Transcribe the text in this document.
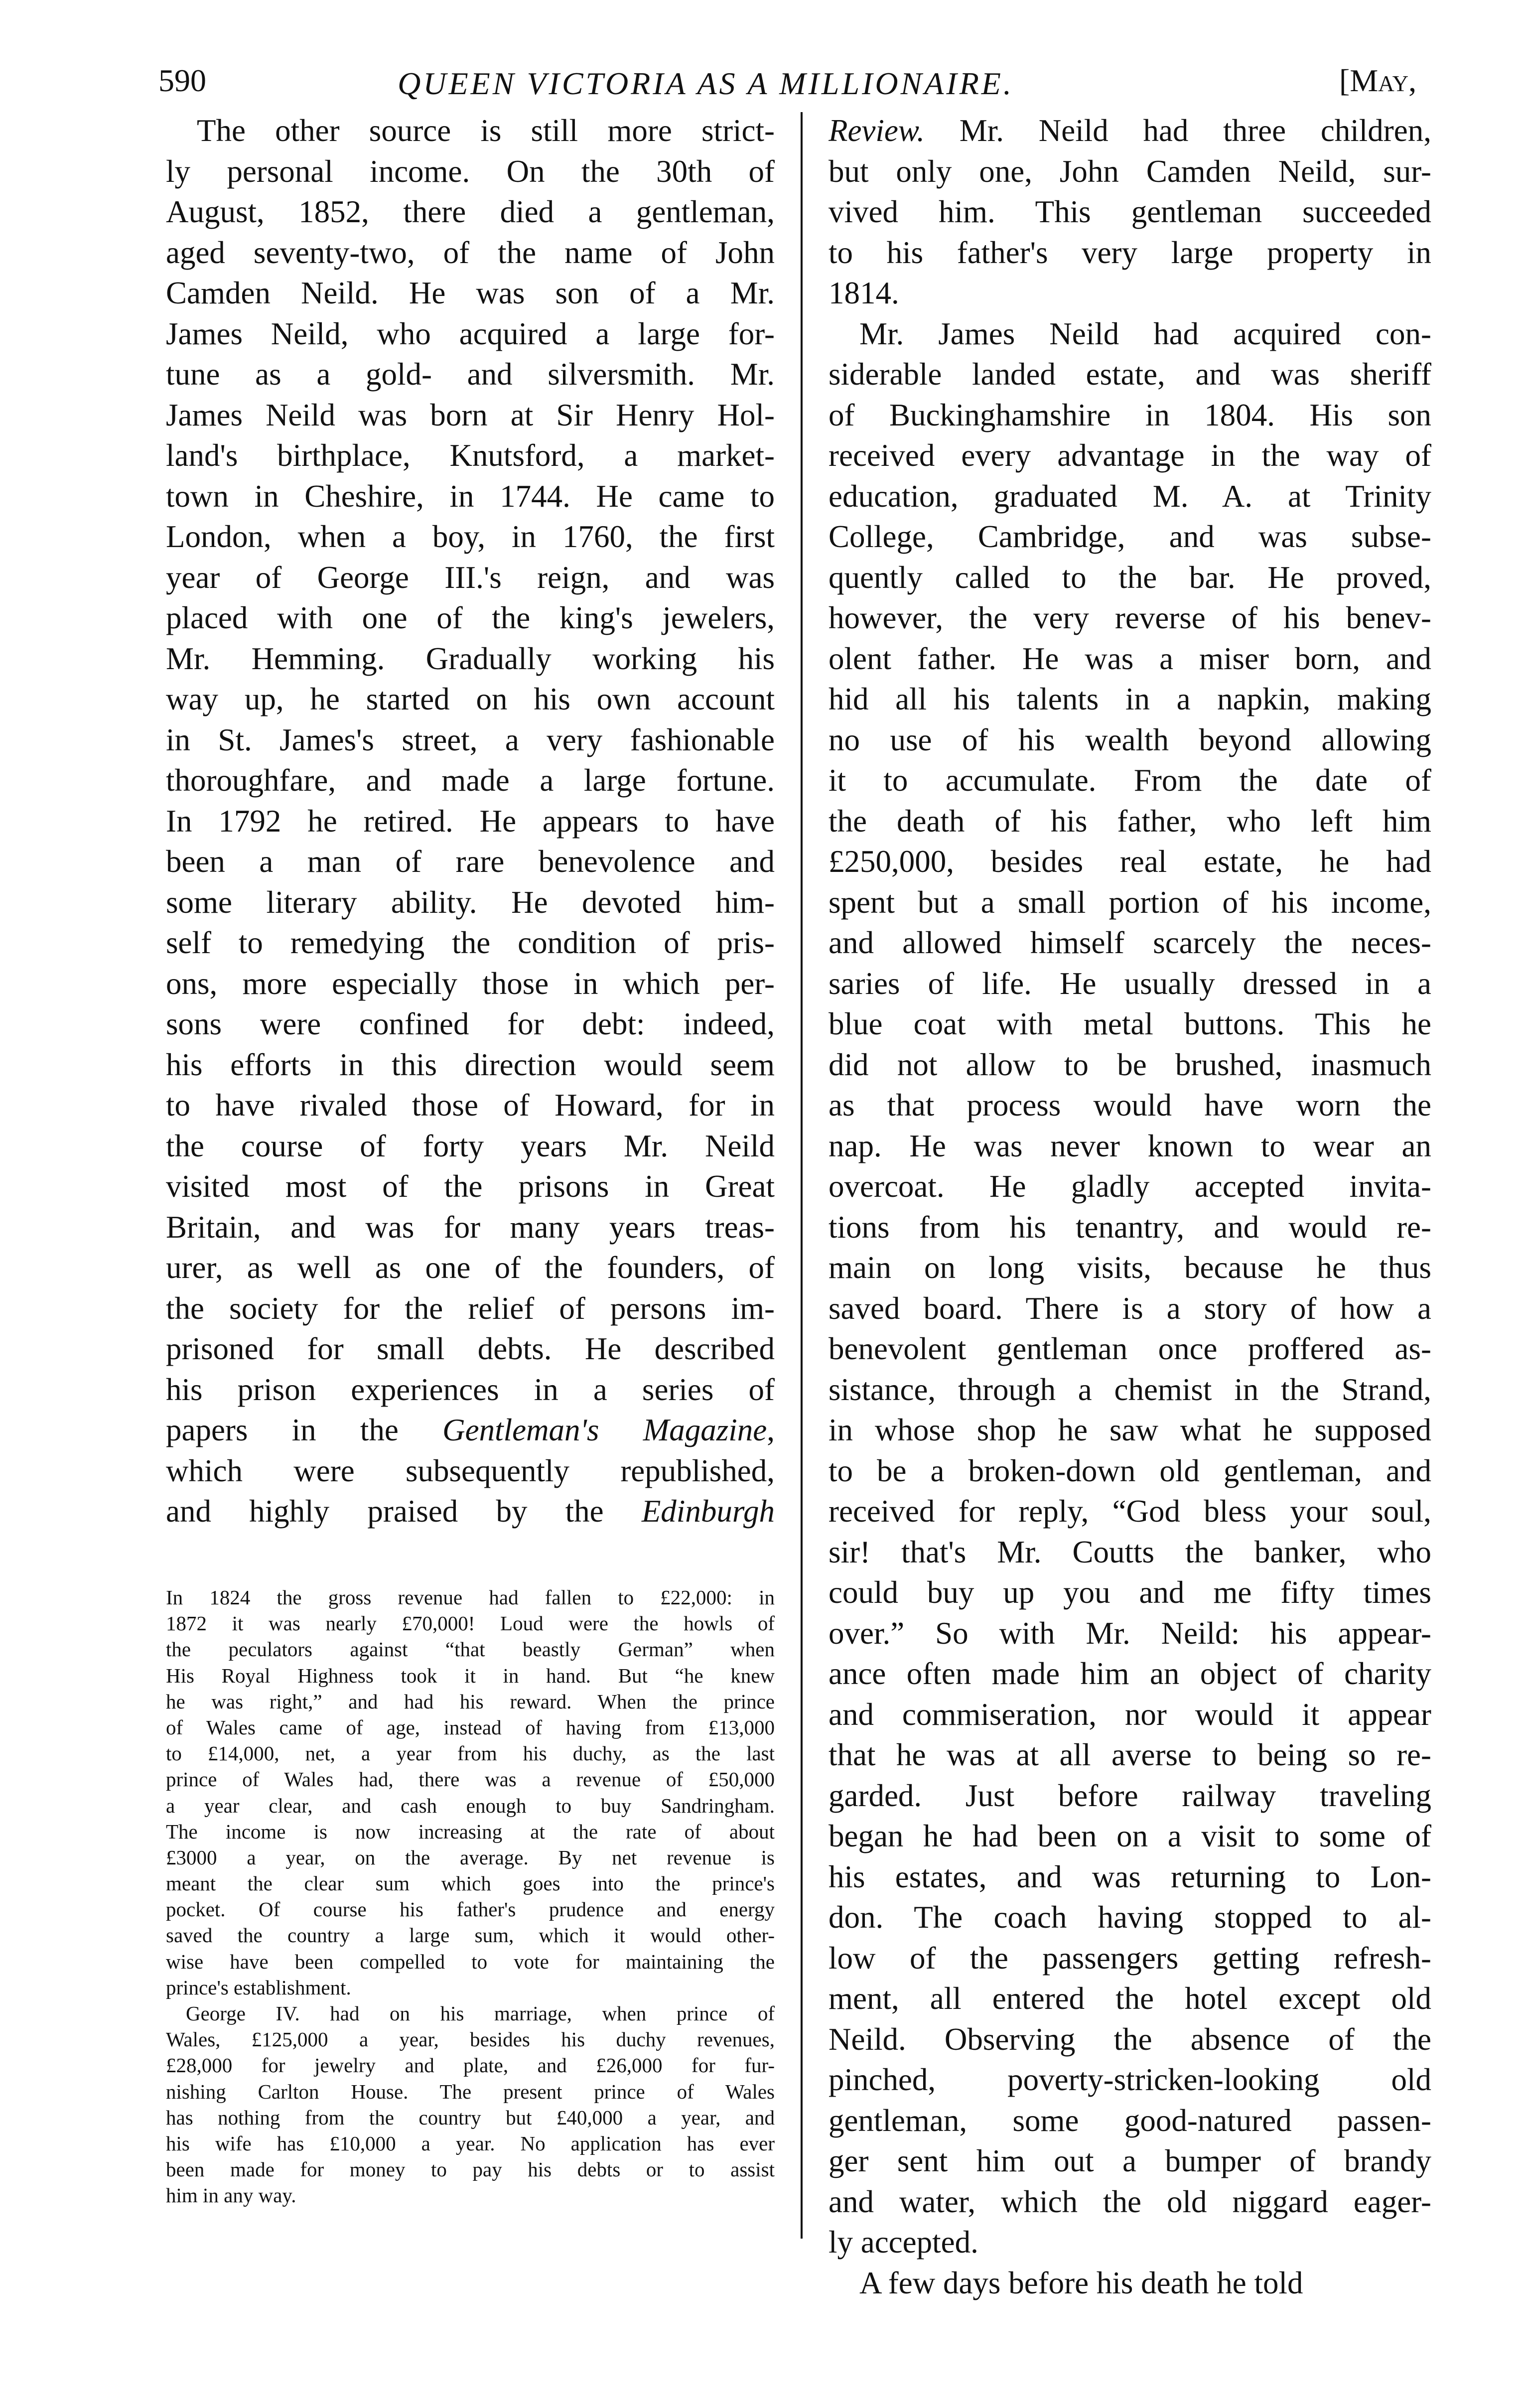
590	QUEEN VICTORIA AS A MILLIONAIRE.	[May,
The other source is still more strict-
ly personal income. On the 30th of
August, 1852, there died a gentleman,
aged seventy-two, of the name of John
Camden Neild. He was son of a Mr.
James Neild, who acquired a large for-
tune as a gold- and silversmith. Mr.
James Neild was born at Sir Henry Hol-
land's birthplace, Knutsford, a market-
town in Cheshire, in 1744. He came to
London, when a boy, in 1760, the first
year of George III.'s reign, and was
placed with one of the king's jewelers,
Mr. Hemming. Gradually working his
way up, he started on his own account
in St. James's street, a very fashionable
thoroughfare, and made a large fortune.
In 1792 he retired. He appears to have
been a man of rare benevolence and
some literary ability. He devoted him-
self to remedying the condition of pris-
ons, more especially those in which per-
sons were confined for debt: indeed,
his efforts in this direction would seem
to have rivaled those of Howard, for in
the course of forty years Mr. Neild
visited most of the prisons in Great
Britain, and was for many years treas-
urer, as well as one of the founders, of
the society for the relief of persons im-
prisoned for small debts. He described
his prison experiences in a series of
papers in the Gentleman's Magazine,
which were subsequently republished,
and highly praised by the Edinburgh
Review. Mr. Neild had three children,
but only one, John Camden Neild, sur-
vived him. This gentleman succeeded
to his father's very large property in
1814.
Mr. James Neild had acquired con-
siderable landed estate, and was sheriff
of Buckinghamshire in 1804. His son
received every advantage in the way of
education, graduated M. A. at Trinity
College, Cambridge, and was subse-
quently called to the bar. He proved,
however, the very reverse of his benev-
olent father. He was a miser born, and
hid all his talents in a napkin, making
no use of his wealth beyond allowing
it to accumulate. From the date of
the death of his father, who left him
£250,000, besides real estate, he had
spent but a small portion of his income,
and allowed himself scarcely the neces-
saries of life. He usually dressed in a
blue coat with metal buttons. This he
did not allow to be brushed, inasmuch
as that process would have worn the
nap. He was never known to wear an
overcoat. He gladly accepted invita-
tions from his tenantry, and would re-
main on long visits, because he thus
saved board. There is a story of how a
benevolent gentleman once proffered as-
sistance, through a chemist in the Strand,
in whose shop he saw what he supposed
to be a broken-down old gentleman, and
received for reply, “God bless your soul,
sir! that's Mr. Coutts the banker, who
could buy up you and me fifty times
over.” So with Mr. Neild: his appear-
ance often made him an object of charity
and commiseration, nor would it appear
that he was at all averse to being so re-
garded. Just before railway traveling
began he had been on a visit to some of
his estates, and was returning to Lon-
don. The coach having stopped to al-
low of the passengers getting refresh-
ment, all entered the hotel except old
Neild. Observing the absence of the
pinched, poverty-stricken-looking old
gentleman, some good-natured passen-
ger sent him out a bumper of brandy
and water, which the old niggard eager-
ly accepted.
A few days before his death he told
In 1824 the gross revenue had fallen to £22,000: in
1872 it was nearly £70,000! Loud were the howls of
the peculators against “that beastly German” when
His Royal Highness took it in hand. But “he knew
he was right,” and had his reward. When the prince
of Wales came of age, instead of having from £13,000
to £14,000, net, a year from his duchy, as the last
prince of Wales had, there was a revenue of £50,000
a year clear, and cash enough to buy Sandringham.
The income is now increasing at the rate of about
£3000 a year, on the average. By net revenue is
meant the clear sum which goes into the prince's
pocket. Of course his father's prudence and energy
saved the country a large sum, which it would other-
wise have been compelled to vote for maintaining the
prince's establishment.
George IV. had on his marriage, when prince of
Wales, £125,000 a year, besides his duchy revenues,
£28,000 for jewelry and plate, and £26,000 for fur-
nishing Carlton House. The present prince of Wales
has nothing from the country but £40,000 a year, and
his wife has £10,000 a year. No application has ever
been made for money to pay his debts or to assist
him in any way.
